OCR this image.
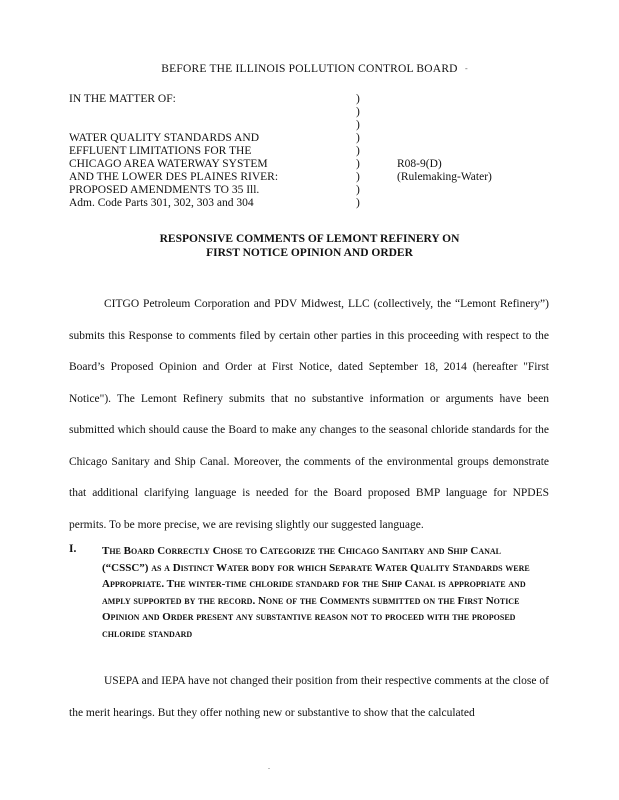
BEFORE THE ILLINOIS POLLUTION CONTROL BOARD -
IN THE MATTER OF:
WATER QUALITY STANDARDS AND
EFFLUENT LIMITATIONS FOR THE
CHICAGO AREA WATERWAY SYSTEM
AND THE LOWER DES PLAINES RIVER:
PROPOSED AMENDMENTS TO 35 Ill.
Adm. Code Parts 301, 302, 303 and 304
)
)
)
)
)
)
)
)
)
R08-9(D)
(Rulemaking-Water)
RESPONSIVE COMMENTS OF LEMONT REFINERY ON
FIRST NOTICE OPINION AND ORDER

CITGO Petroleum Corporation and PDV Midwest, LLC (collectively, the “Lemont Refinery”) submits this Response to comments filed by certain other parties in this proceeding with respect to the Board’s Proposed Opinion and Order at First Notice, dated September 18, 2014 (hereafter "First Notice"). The Lemont Refinery submits that no substantive information or arguments have been submitted which should cause the Board to make any changes to the seasonal chloride standards for the Chicago Sanitary and Ship Canal. Moreover, the comments of the environmental groups demonstrate that additional clarifying language is needed for the Board proposed BMP language for NPDES permits. To be more precise, we are revising slightly our suggested language.

I. The Board Correctly Chose to Categorize the Chicago Sanitary and Ship Canal (“CSSC”) as a Distinct Water body for which Separate Water Quality Standards were Appropriate. The winter-time chloride standard for the Ship Canal is appropriate and amply supported by the record. None of the Comments submitted on the First Notice Opinion and Order present any substantive reason not to proceed with the proposed chloride standard

USEPA and IEPA have not changed their position from their respective comments at the close of the merit hearings. But they offer nothing new or substantive to show that the calculated

.
